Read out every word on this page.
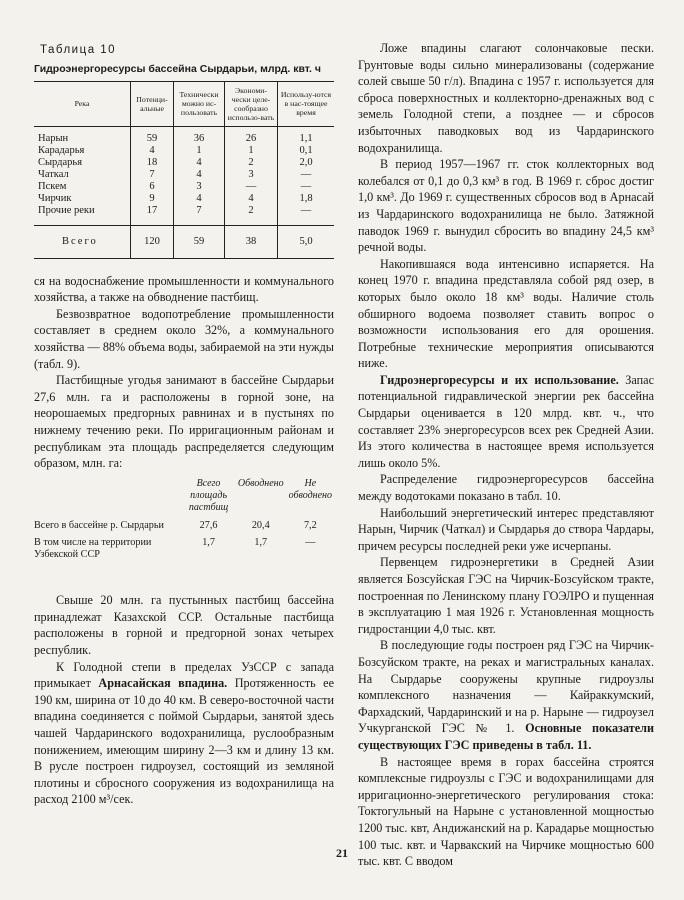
Таблица 10
Гидроэнергоресурсы бассейна Сырдарьи, млрд. квт. ч
Река	Потенци-альные	Технически можно ис-пользовать	Экономи-чески целе-сообразно использо-вать	Использу-ются в нас-тоящее время
Нарын	59	36	26	1,1
Карадарья	4	1	1	0,1
Сырдарья	18	4	2	2,0
Чаткал	7	4	3	—
Пскем	6	3	—	—
Чирчик	9	4	4	1,8
Прочие реки	17	7	2	—
Всего	120	59	38	5,0

ся на водоснабжение промышленности и коммунального хозяйства, а также на обводнение пастбищ.

Безвозвратное водопотребление промышленности составляет в среднем около 32%, а коммунального хозяйства — 88% объема воды, забираемой на эти нужды (табл. 9).

Пастбищные угодья занимают в бассейне Сырдарьи 27,6 млн. га и расположены в горной зоне, на неорошаемых предгорных равнинах и в пустынях по нижнему течению реки. По ирригационным районам и республикам эта площадь распределяется следующим образом, млн. га:

	Всего площадь пастбищ	Обводнено	Не обводнено
Всего в бассейне р. Сырдарьи	27,6	20,4	7,2
В том числе на территории Узбекской ССР	1,7	1,7	—

Свыше 20 млн. га пустынных пастбищ бассейна принадлежат Казахской ССР. Остальные пастбища расположены в горной и предгорной зонах четырех республик.

К Голодной степи в пределах УзССР с запада примыкает Арнасайская впадина. Протяженность ее 190 км, ширина от 10 до 40 км. В северо-восточной части впадина соединяется с поймой Сырдарьи, занятой здесь чашей Чардаринского водохранилища, руслообразным понижением, имеющим ширину 2—3 км и длину 13 км. В русле построен гидроузел, состоящий из земляной плотины и сбросного сооружения из водохранилища на расход 2100 м³/сек.

Ложе впадины слагают солончаковые пески. Грунтовые воды сильно минерализованы (содержание солей свыше 50 г/л). Впадина с 1957 г. используется для сброса поверхностных и коллекторно-дренажных вод с земель Голодной степи, а позднее — и сбросов избыточных паводковых вод из Чардаринского водохранилища.

В период 1957—1967 гг. сток коллекторных вод колебался от 0,1 до 0,3 км³ в год. В 1969 г. сброс достиг 1,0 км³. До 1969 г. существенных сбросов вод в Арнасай из Чардаринского водохранилища не было. Затяжной паводок 1969 г. вынудил сбросить во впадину 24,5 км³ речной воды.

Накопившаяся вода интенсивно испаряется. На конец 1970 г. впадина представляла собой ряд озер, в которых было около 18 км³ воды. Наличие столь обширного водоема позволяет ставить вопрос о возможности использования его для орошения. Потребные технические мероприятия описываются ниже.

Гидроэнергоресурсы и их использование. Запас потенциальной гидравлической энергии рек бассейна Сырдарьи оценивается в 120 млрд. квт. ч., что составляет 23% энергоресурсов всех рек Средней Азии. Из этого количества в настоящее время используется лишь около 5%.

Распределение гидроэнергоресурсов бассейна между водотоками показано в табл. 10.

Наибольший энергетический интерес представляют Нарын, Чирчик (Чаткал) и Сырдарья до створа Чардары, причем ресурсы последней реки уже исчерпаны.

Первенцем гидроэнергетики в Средней Азии является Бозсуйская ГЭС на Чирчик-Бозсуйском тракте, построенная по Ленинскому плану ГОЭЛРО и пущенная в эксплуатацию 1 мая 1926 г. Установленная мощность гидростанции 4,0 тыс. квт.

В последующие годы построен ряд ГЭС на Чирчик-Бозсуйском тракте, на реках и магистральных каналах. На Сырдарье сооружены крупные гидроузлы комплексного назначения — Кайраккумский, Фархадский, Чардаринский и на р. Нарыне — гидроузел Учкурганской ГЭС № 1. Основные показатели существующих ГЭС приведены в табл. 11.

В настоящее время в горах бассейна строятся комплексные гидроузлы с ГЭС и водохранилищами для ирригационно-энергетического регулирования стока: Токтогульный на Нарыне с установленной мощностью 1200 тыс. квт, Андижанский на р. Карадарье мощностью 100 тыс. квт. и Чарвакский на Чирчике мощностью 600 тыс. квт. С вводом

21
